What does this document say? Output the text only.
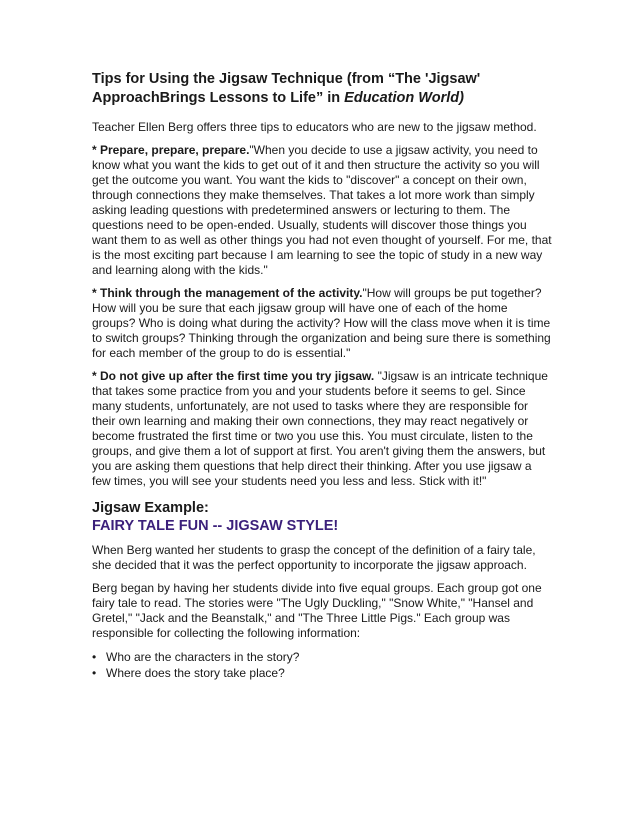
Tips for Using the Jigsaw Technique (from “The 'Jigsaw' ApproachBrings Lessons to Life” in Education World)

Teacher Ellen Berg offers three tips to educators who are new to the jigsaw method.

* Prepare, prepare, prepare."When you decide to use a jigsaw activity, you need to know what you want the kids to get out of it and then structure the activity so you will get the outcome you want. You want the kids to "discover" a concept on their own, through connections they make themselves. That takes a lot more work than simply asking leading questions with predetermined answers or lecturing to them. The questions need to be open-ended. Usually, students will discover those things you want them to as well as other things you had not even thought of yourself. For me, that is the most exciting part because I am learning to see the topic of study in a new way and learning along with the kids."

* Think through the management of the activity."How will groups be put together? How will you be sure that each jigsaw group will have one of each of the home groups? Who is doing what during the activity? How will the class move when it is time to switch groups? Thinking through the organization and being sure there is something for each member of the group to do is essential."

* Do not give up after the first time you try jigsaw. "Jigsaw is an intricate technique that takes some practice from you and your students before it seems to gel. Since many students, unfortunately, are not used to tasks where they are responsible for their own learning and making their own connections, they may react negatively or become frustrated the first time or two you use this. You must circulate, listen to the groups, and give them a lot of support at first. You aren't giving them the answers, but you are asking them questions that help direct their thinking. After you use jigsaw a few times, you will see your students need you less and less. Stick with it!"

Jigsaw Example:
FAIRY TALE FUN -- JIGSAW STYLE!

When Berg wanted her students to grasp the concept of the definition of a fairy tale, she decided that it was the perfect opportunity to incorporate the jigsaw approach.

Berg began by having her students divide into five equal groups. Each group got one fairy tale to read. The stories were "The Ugly Duckling," "Snow White," "Hansel and Gretel," "Jack and the Beanstalk," and "The Three Little Pigs." Each group was responsible for collecting the following information:

• Who are the characters in the story?
• Where does the story take place?
